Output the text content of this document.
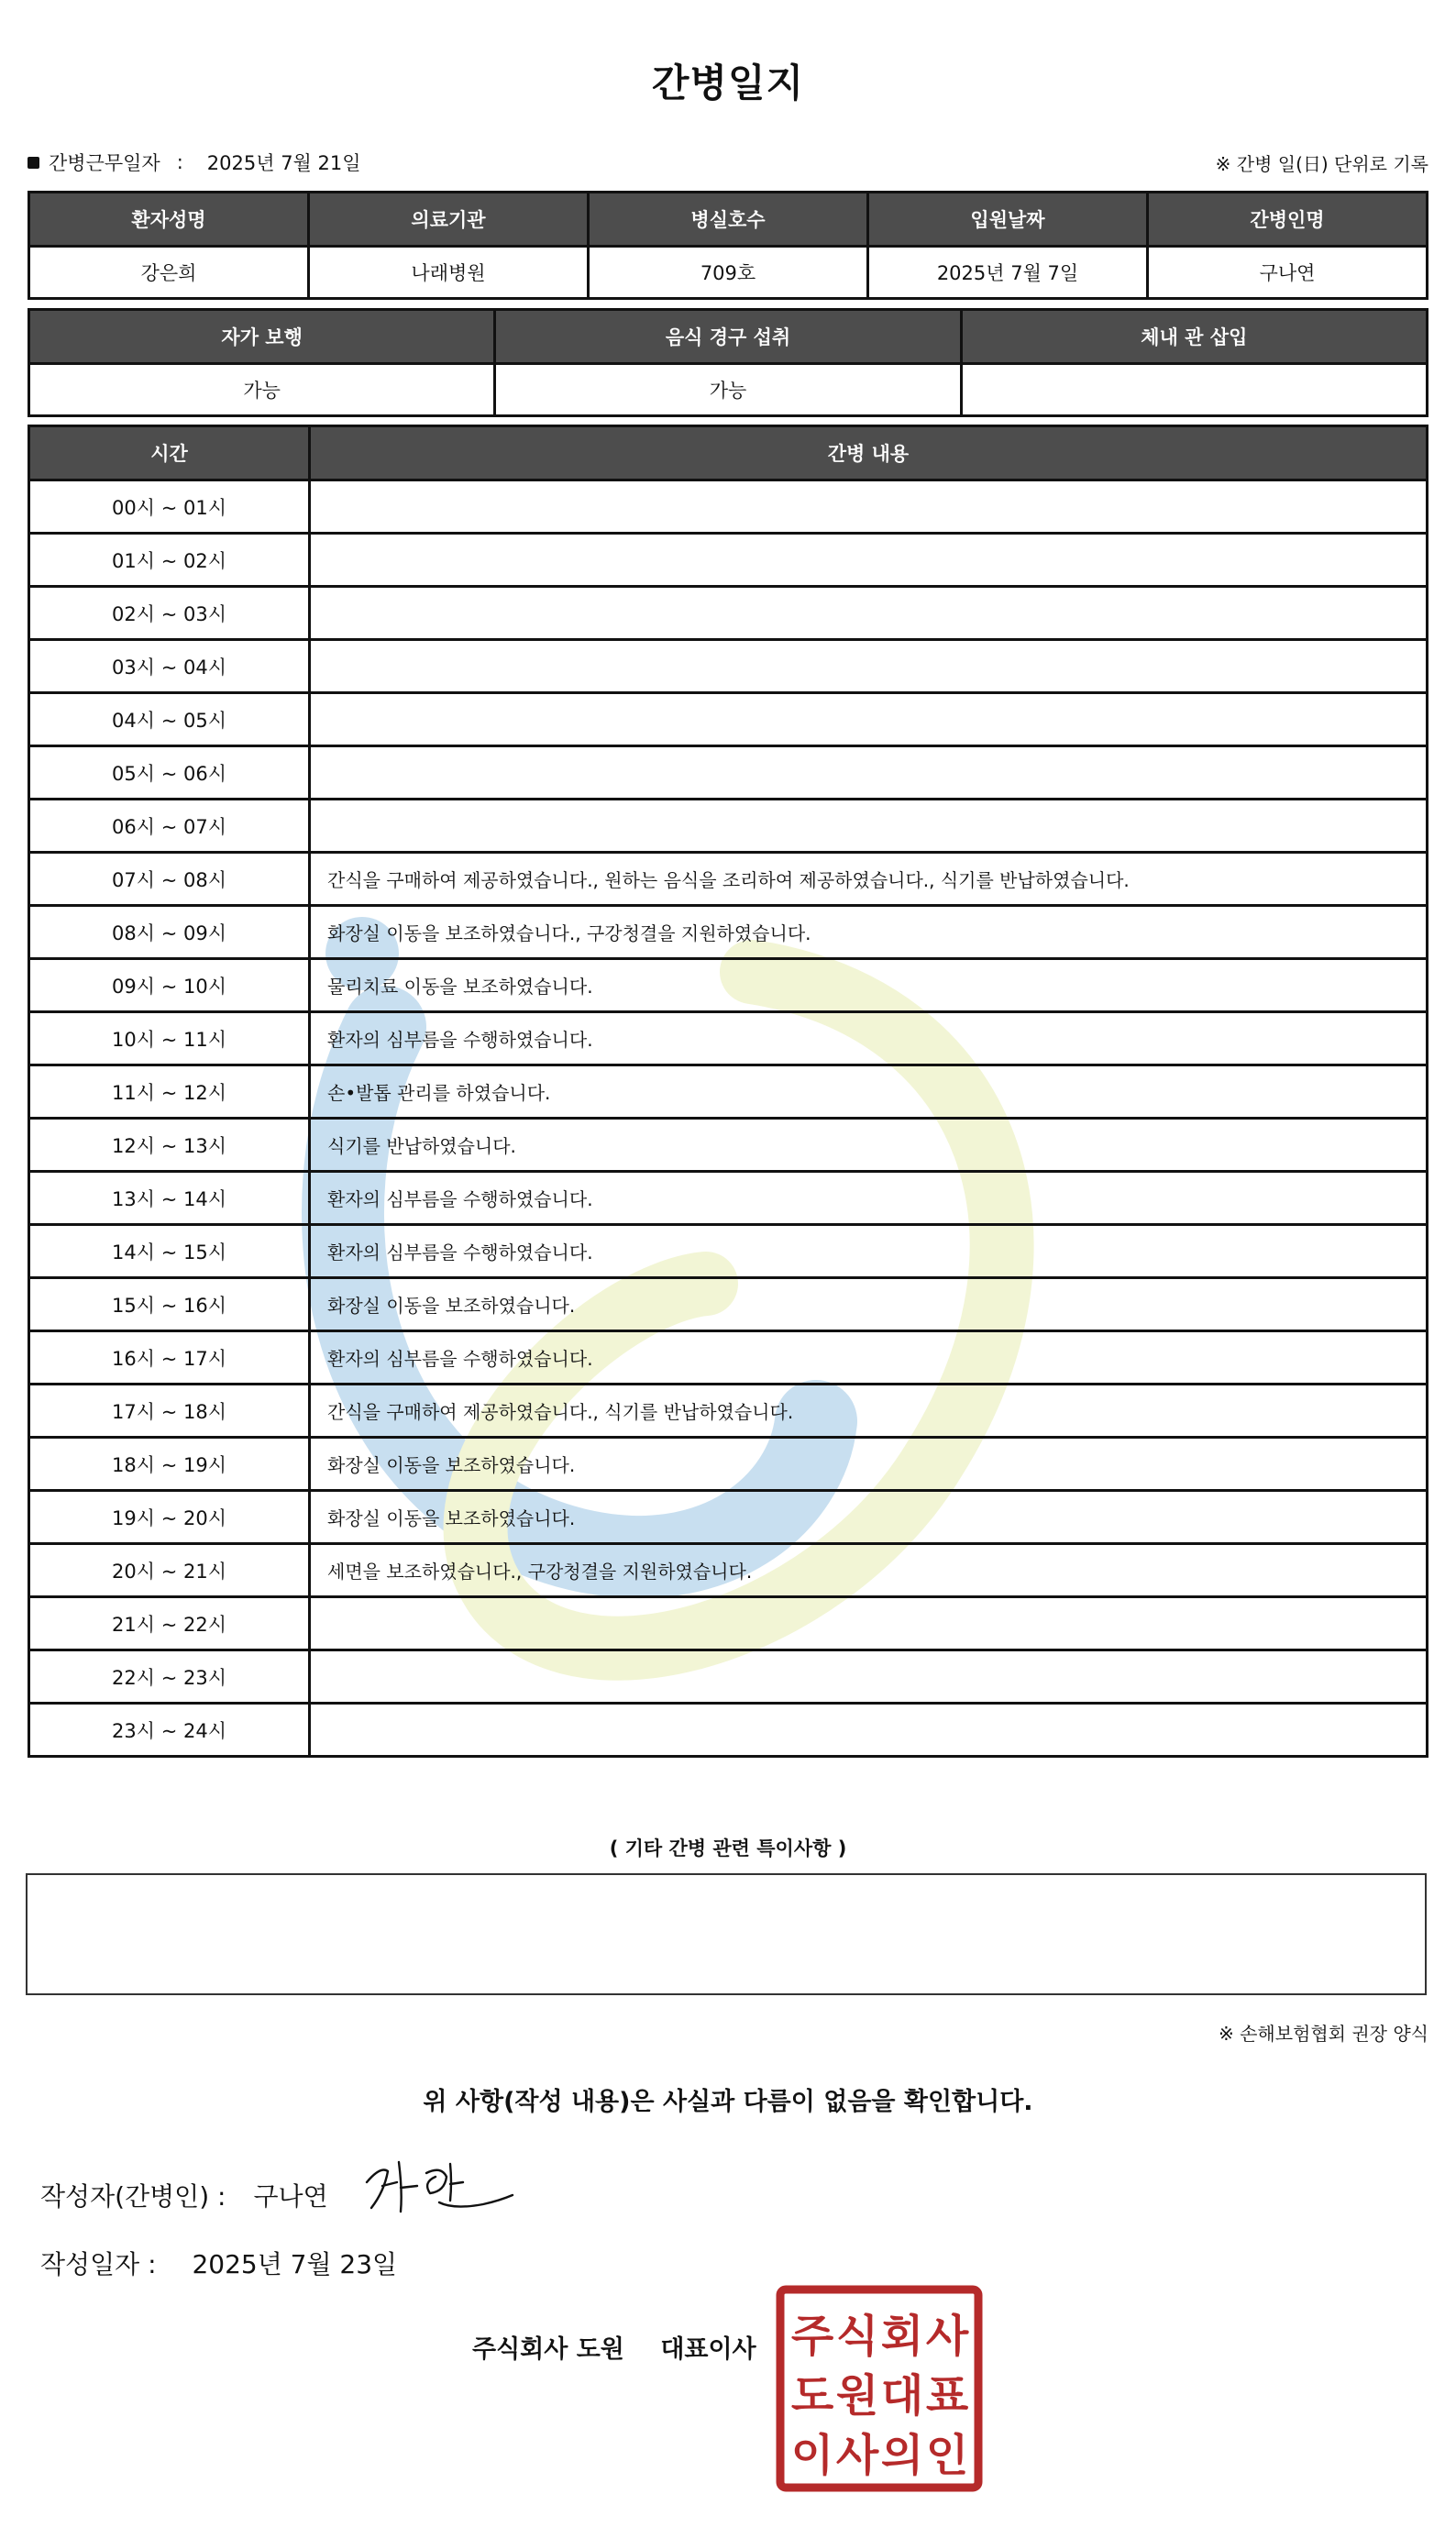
간병일지
간병근무일자 : 2025년 7월 21일	※ 간병 일(日) 단위로 기록
환자성명	의료기관	병실호수	입원날짜	간병인명
강은희	나래병원	709호	2025년 7월 7일	구나연
자가 보행	음식 경구 섭취	체내 관 삽입
가능	가능	
시간	간병 내용
00시 ~ 01시	
01시 ~ 02시	
02시 ~ 03시	
03시 ~ 04시	
04시 ~ 05시	
05시 ~ 06시	
06시 ~ 07시	
07시 ~ 08시	간식을 구매하여 제공하였습니다., 원하는 음식을 조리하여 제공하였습니다., 식기를 반납하였습니다.
08시 ~ 09시	화장실 이동을 보조하였습니다., 구강청결을 지원하였습니다.
09시 ~ 10시	물리치료 이동을 보조하였습니다.
10시 ~ 11시	환자의 심부름을 수행하였습니다.
11시 ~ 12시	손•발톱 관리를 하였습니다.
12시 ~ 13시	식기를 반납하였습니다.
13시 ~ 14시	환자의 심부름을 수행하였습니다.
14시 ~ 15시	환자의 심부름을 수행하였습니다.
15시 ~ 16시	화장실 이동을 보조하였습니다.
16시 ~ 17시	환자의 심부름을 수행하였습니다.
17시 ~ 18시	간식을 구매하여 제공하였습니다., 식기를 반납하였습니다.
18시 ~ 19시	화장실 이동을 보조하였습니다.
19시 ~ 20시	화장실 이동을 보조하였습니다.
20시 ~ 21시	세면을 보조하였습니다., 구강청결을 지원하였습니다.
21시 ~ 22시	
22시 ~ 23시	
23시 ~ 24시	
( 기타 간병 관련 특이사항 )
※ 손해보험협회 권장 양식
위 사항(작성 내용)은 사실과 다름이 없음을 확인합니다.
작성자(간병인) : 구나연
작성일자 : 2025년 7월 23일
주식회사 도원 대표이사 주 식 회 사
도 원 대 표
이 사 의 인
